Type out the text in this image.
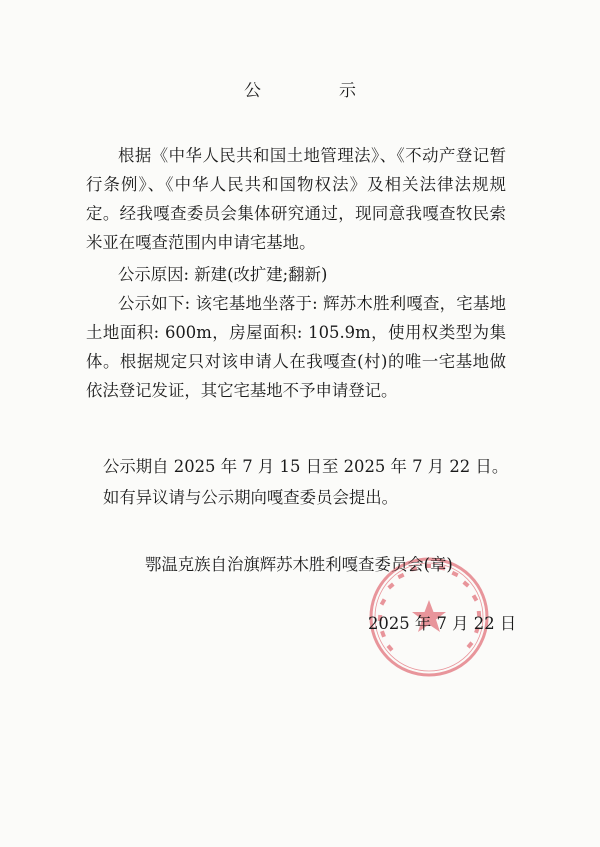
公	示

根据《中华人民共和国土地管理法》、《不动产登记暂行条例》、《中华人民共和国物权法》及相关法律法规规定。经我嘎查委员会集体研究通过，现同意我嘎查牧民索米亚在嘎查范围内申请宅基地。

公示原因: 新建(改扩建;翻新)

公示如下: 该宅基地坐落于: 辉苏木胜利嘎查，宅基地土地面积: 600m，房屋面积: 105.9m，使用权类型为集体。根据规定只对该申请人在我嘎查(村)的唯一宅基地做依法登记发证，其它宅基地不予申请登记。

公示期自 2025 年 7 月 15 日至 2025 年 7 月 22 日。
如有异议请与公示期向嘎查委员会提出。
鄂温克族自治旗辉苏木胜利嘎查委员会(章)
2025 年 7 月 22 日
